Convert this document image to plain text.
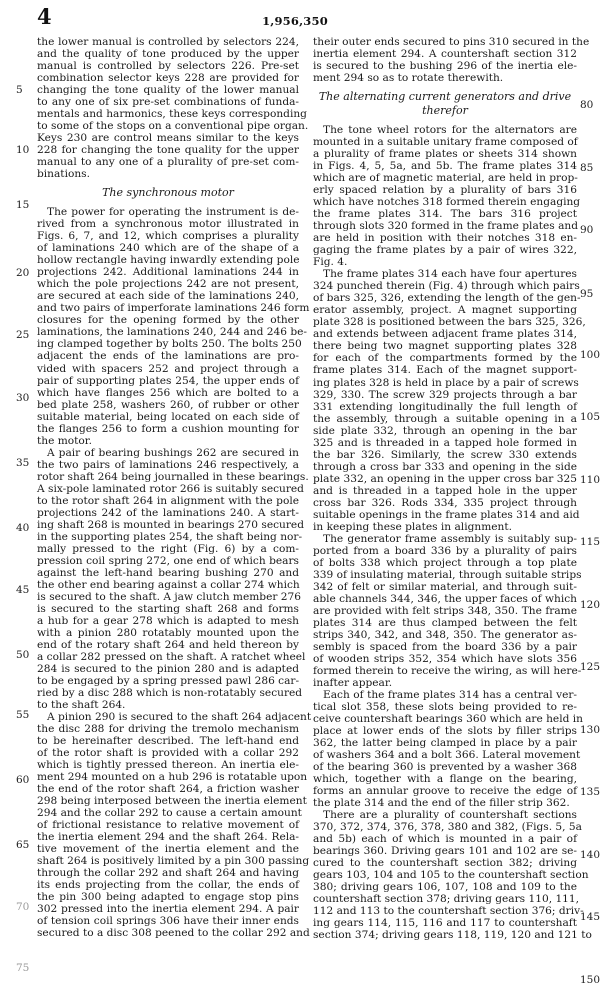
4	1,956,350
the lower manual is controlled by selectors 224,
and the quality of tone produced by the upper
manual is controlled by selectors 226. Pre-set
combination selector keys 228 are provided for
changing the tone quality of the lower manual
to any one of six pre-set combinations of funda-
mentals and harmonics, these keys corresponding
to some of the stops on a conventional pipe organ.
Keys 230 are control means similar to the keys
228 for changing the tone quality for the upper
manual to any one of a plurality of pre-set com-
binations.
The synchronous motor
The power for operating the instrument is de-
rived from a synchronous motor illustrated in
Figs. 6, 7, and 12, which comprises a plurality
of laminations 240 which are of the shape of a
hollow rectangle having inwardly extending pole
projections 242. Additional laminations 244 in
which the pole projections 242 are not present,
are secured at each side of the laminations 240,
and two pairs of imperforate laminations 246 form
closures for the opening formed by the other
laminations, the laminations 240, 244 and 246 be-
ing clamped together by bolts 250. The bolts 250
adjacent the ends of the laminations are pro-
vided with spacers 252 and project through a
pair of supporting plates 254, the upper ends of
which have flanges 256 which are bolted to a
bed plate 258, washers 260, of rubber or other
suitable material, being located on each side of
the flanges 256 to form a cushion mounting for
the motor.
A pair of bearing bushings 262 are secured in
the two pairs of laminations 246 respectively, a
rotor shaft 264 being journalled in these bearings.
A six-pole laminated rotor 266 is suitably secured
to the rotor shaft 264 in alignment with the pole
projections 242 of the laminations 240. A start-
ing shaft 268 is mounted in bearings 270 secured
in the supporting plates 254, the shaft being nor-
mally pressed to the right (Fig. 6) by a com-
pression coil spring 272, one end of which bears
against the left-hand bearing bushing 270 and
the other end bearing against a collar 274 which
is secured to the shaft. A jaw clutch member 276
is secured to the starting shaft 268 and forms
a hub for a gear 278 which is adapted to mesh
with a pinion 280 rotatably mounted upon the
end of the rotary shaft 264 and held thereon by
a collar 282 pressed on the shaft. A ratchet wheel
284 is secured to the pinion 280 and is adapted
to be engaged by a spring pressed pawl 286 car-
ried by a disc 288 which is non-rotatably secured
to the shaft 264.
A pinion 290 is secured to the shaft 264 adjacent
the disc 288 for driving the tremolo mechanism
to be hereinafter described. The left-hand end
of the rotor shaft is provided with a collar 292
which is tightly pressed thereon. An inertia ele-
ment 294 mounted on a hub 296 is rotatable upon
the end of the rotor shaft 264, a friction washer
298 being interposed between the inertia element
294 and the collar 292 to cause a certain amount
of frictional resistance to relative movement of
the inertia element 294 and the shaft 264. Rela-
tive movement of the inertia element and the
shaft 264 is positively limited by a pin 300 passing
through the collar 292 and shaft 264 and having
its ends projecting from the collar, the ends of
the pin 300 being adapted to engage stop pins
302 pressed into the inertia element 294. A pair
of tension coil springs 306 have their inner ends
secured to a disc 308 peened to the collar 292 and
their outer ends secured to pins 310 secured in the
inertia element 294. A countershaft section 312
is secured to the bushing 296 of the inertia ele-
ment 294 so as to rotate therewith.
The alternating current generators and drive
therefor
The tone wheel rotors for the alternators are
mounted in a suitable unitary frame composed of
a plurality of frame plates or sheets 314 shown
in Figs. 4, 5, 5a, and 5b. The frame plates 314
which are of magnetic material, are held in prop-
erly spaced relation by a plurality of bars 316
which have notches 318 formed therein engaging
the frame plates 314. The bars 316 project
through slots 320 formed in the frame plates and
are held in position with their notches 318 en-
gaging the frame plates by a pair of wires 322,
Fig. 4.
The frame plates 314 each have four apertures
324 punched therein (Fig. 4) through which pairs
of bars 325, 326, extending the length of the gen-
erator assembly, project. A magnet supporting
plate 328 is positioned between the bars 325, 326,
and extends between adjacent frame plates 314,
there being two magnet supporting plates 328
for each of the compartments formed by the
frame plates 314. Each of the magnet support-
ing plates 328 is held in place by a pair of screws
329, 330. The screw 329 projects through a bar
331 extending longitudinally the full length of
the assembly, through a suitable opening in a
side plate 332, through an opening in the bar
325 and is threaded in a tapped hole formed in
the bar 326. Similarly, the screw 330 extends
through a cross bar 333 and opening in the side
plate 332, an opening in the upper cross bar 325
and is threaded in a tapped hole in the upper
cross bar 326. Rods 334, 335 project through
suitable openings in the frame plates 314 and aid
in keeping these plates in alignment.
The generator frame assembly is suitably sup-
ported from a board 336 by a plurality of pairs
of bolts 338 which project through a top plate
339 of insulating material, through suitable strips
342 of felt or similar material, and through suit-
able channels 344, 346, the upper faces of which
are provided with felt strips 348, 350. The frame
plates 314 are thus clamped between the felt
strips 340, 342, and 348, 350. The generator as-
sembly is spaced from the board 336 by a pair
of wooden strips 352, 354 which have slots 356
formed therein to receive the wiring, as will here-
inafter appear.
Each of the frame plates 314 has a central ver-
tical slot 358, these slots being provided to re-
ceive countershaft bearings 360 which are held in
place at lower ends of the slots by filler strips
362, the latter being clamped in place by a pair
of washers 364 and a bolt 366. Lateral movement
of the bearing 360 is prevented by a washer 368
which, together with a flange on the bearing,
forms an annular groove to receive the edge of
the plate 314 and the end of the filler strip 362.
There are a plurality of countershaft sections
370, 372, 374, 376, 378, 380 and 382, (Figs. 5, 5a
and 5b) each of which is mounted in a pair of
bearings 360. Driving gears 101 and 102 are se-
cured to the countershaft section 382; driving
gears 103, 104 and 105 to the countershaft section
380; driving gears 106, 107, 108 and 109 to the
countershaft section 378; driving gears 110, 111,
112 and 113 to the countershaft section 376; driv-
ing gears 114, 115, 116 and 117 to countershaft
section 374; driving gears 118, 119, 120 and 121 to
5
10
15
20
25
30
35
40
45
50
55
60
65
70
75
80
85
90
95
100
105
110
115
120
125
130
135
140
145
150
